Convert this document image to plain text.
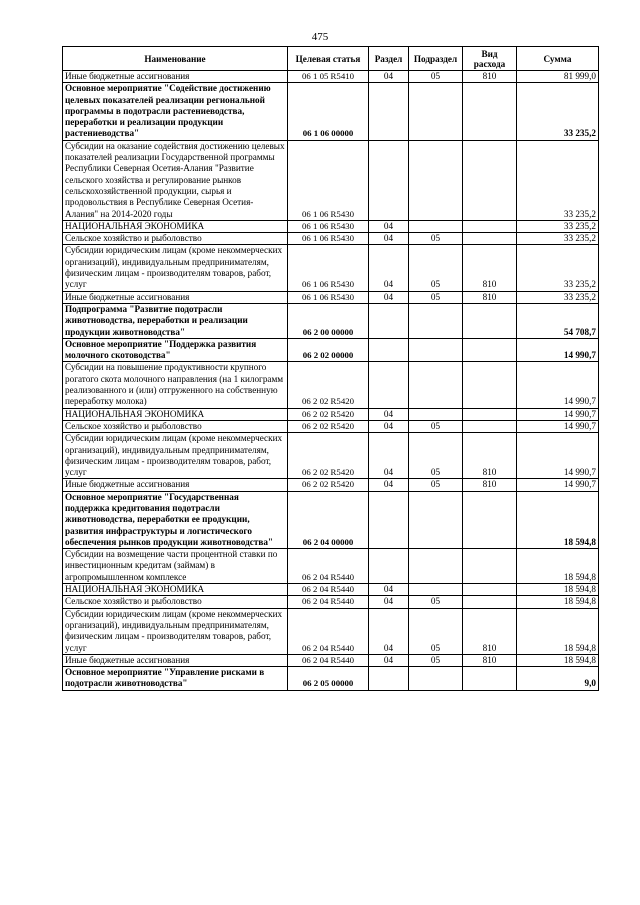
475
Наименование	Целевая статья	Раздел	Подраздел	Вид расхода	Сумма
Иные бюджетные ассигнования	06 1 05 R5410	04	05	810	81 999,0
Основное мероприятие "Содействие достижению целевых показателей реализации региональной программы в подотрасли растениеводства, переработки и реализации продукции растениеводства"	06 1 06 00000				33 235,2
Субсидии на оказание содействия достижению целевых показателей реализации Государственной программы Республики Северная Осетия-Алания "Развитие сельского хозяйства и регулирование рынков сельскохозяйственной продукции, сырья и продовольствия в Республике Северная Осетия-Алания" на 2014-2020 годы	06 1 06 R5430				33 235,2
НАЦИОНАЛЬНАЯ ЭКОНОМИКА	06 1 06 R5430	04			33 235,2
Сельское хозяйство и рыболовство	06 1 06 R5430	04	05		33 235,2
Субсидии юридическим лицам (кроме некоммерческих организаций), индивидуальным предпринимателям, физическим лицам - производителям товаров, работ, услуг	06 1 06 R5430	04	05	810	33 235,2
Иные бюджетные ассигнования	06 1 06 R5430	04	05	810	33 235,2
Подпрограмма "Развитие подотрасли животноводства, переработки и реализации продукции животноводства"	06 2 00 00000				54 708,7
Основное мероприятие "Поддержка развития молочного скотоводства"	06 2 02 00000				14 990,7
Субсидии на повышение продуктивности крупного рогатого скота молочного направления (на 1 килограмм реализованного и (или) отгруженного на собственную переработку молока)	06 2 02 R5420				14 990,7
НАЦИОНАЛЬНАЯ ЭКОНОМИКА	06 2 02 R5420	04			14 990,7
Сельское хозяйство и рыболовство	06 2 02 R5420	04	05		14 990,7
Субсидии юридическим лицам (кроме некоммерческих организаций), индивидуальным предпринимателям, физическим лицам - производителям товаров, работ, услуг	06 2 02 R5420	04	05	810	14 990,7
Иные бюджетные ассигнования	06 2 02 R5420	04	05	810	14 990,7
Основное мероприятие "Государственная поддержка кредитования подотрасли животноводства, переработки ее продукции, развития инфраструктуры и логистического обеспечения рынков продукции животноводства"	06 2 04 00000				18 594,8
Субсидии на возмещение части процентной ставки по инвестиционным кредитам (займам) в агропромышленном комплексе	06 2 04 R5440				18 594,8
НАЦИОНАЛЬНАЯ ЭКОНОМИКА	06 2 04 R5440	04			18 594,8
Сельское хозяйство и рыболовство	06 2 04 R5440	04	05		18 594,8
Субсидии юридическим лицам (кроме некоммерческих организаций), индивидуальным предпринимателям, физическим лицам - производителям товаров, работ, услуг	06 2 04 R5440	04	05	810	18 594,8
Иные бюджетные ассигнования	06 2 04 R5440	04	05	810	18 594,8
Основное мероприятие "Управление рисками в подотрасли животноводства"	06 2 05 00000				9,0
